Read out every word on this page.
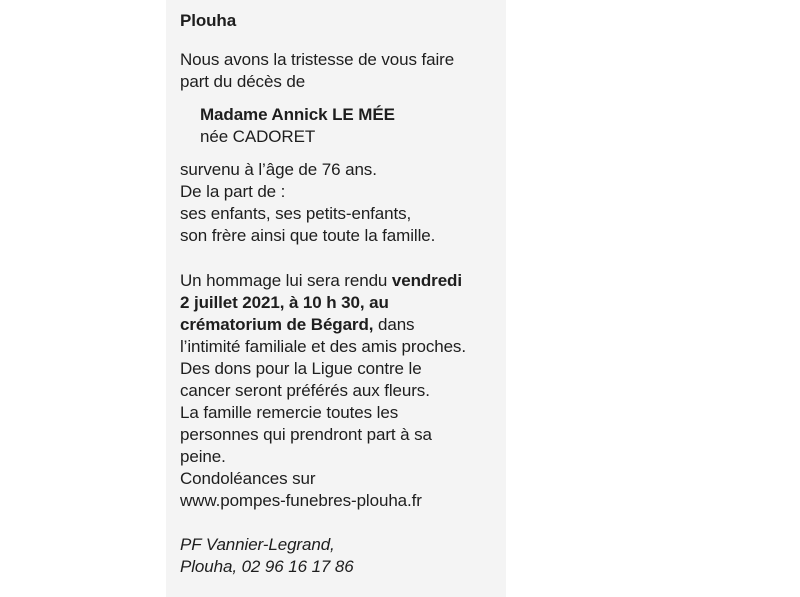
Plouha
Nous avons la tristesse de vous faire
part du décès de
Madame Annick LE MÉE
née CADORET
survenu à l’âge de 76 ans.
De la part de :
ses enfants, ses petits-enfants,
son frère ainsi que toute la famille.
Un hommage lui sera rendu vendredi
2 juillet 2021, à 10 h 30, au
crématorium de Bégard, dans
l’intimité familiale et des amis proches.
Des dons pour la Ligue contre le
cancer seront préférés aux fleurs.
La famille remercie toutes les
personnes qui prendront part à sa
peine.
Condoléances sur
www.pompes-funebres-plouha.fr
PF Vannier-Legrand,
Plouha, 02 96 16 17 86
